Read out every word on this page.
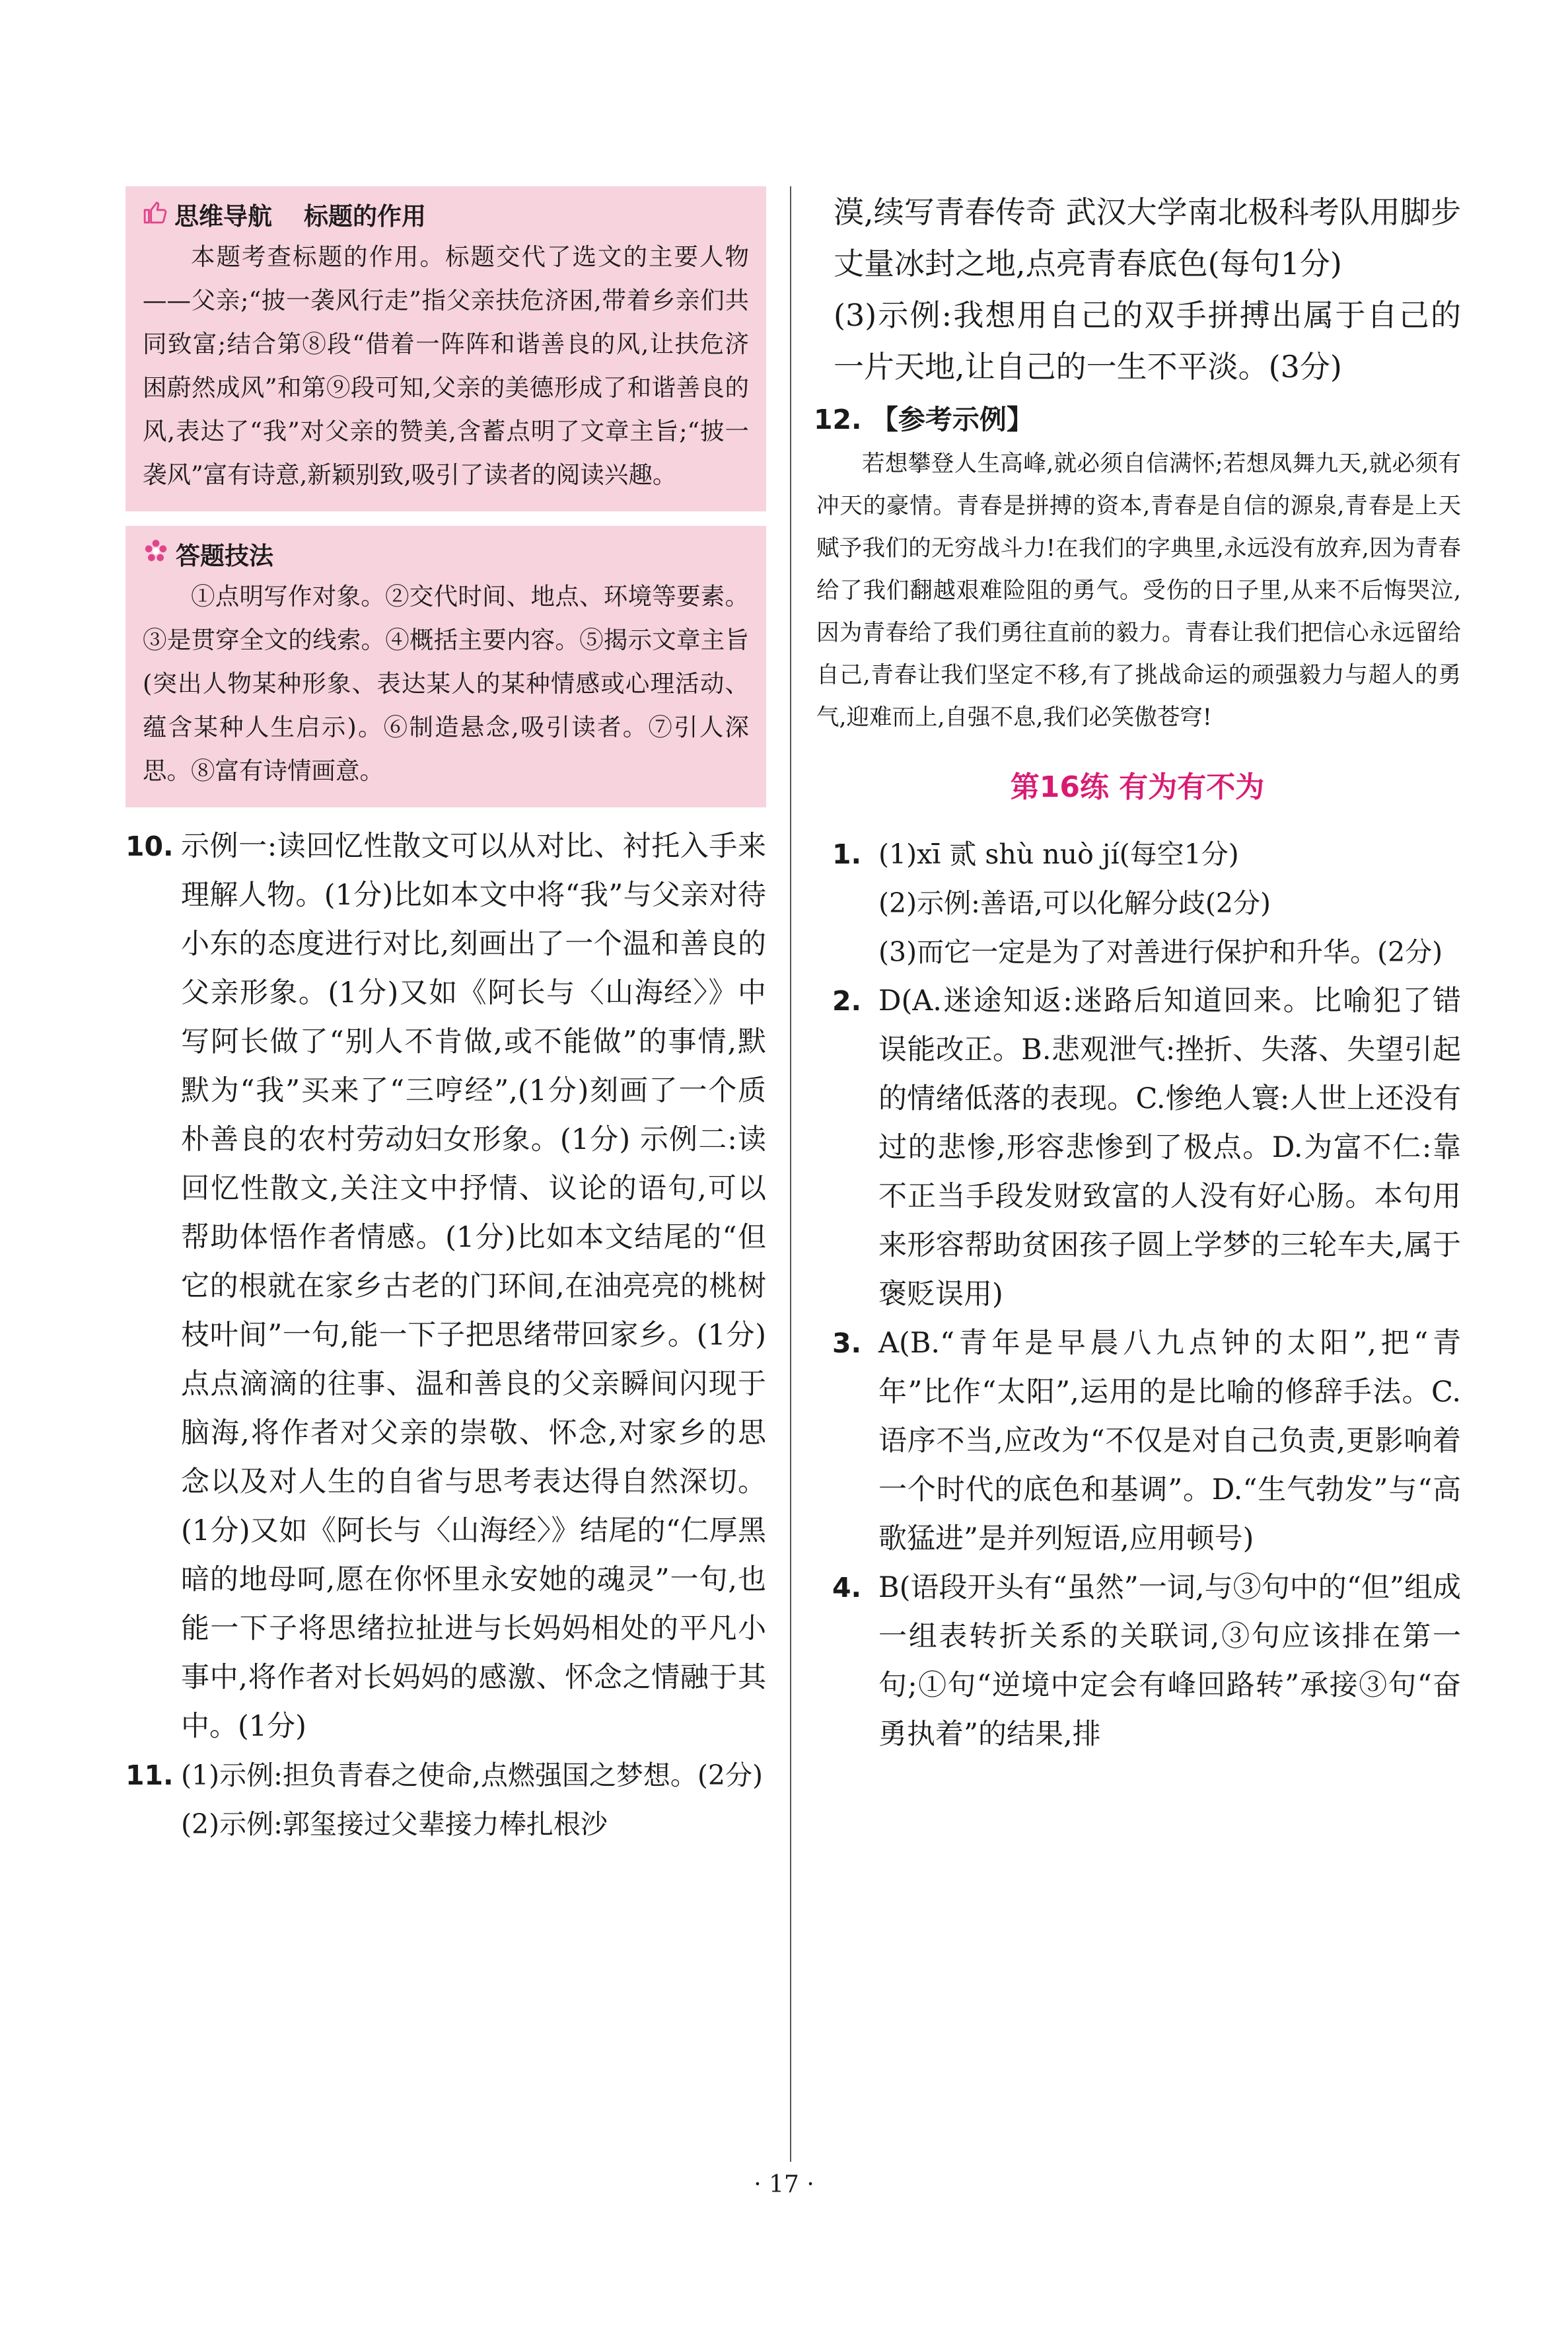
思维导航 标题的作用
本题考查标题的作用。标题交代了选文的主要人物——父亲;“披一袭风行走”指父亲扶危济困,带着乡亲们共同致富;结合第⑧段“借着一阵阵和谐善良的风,让扶危济困蔚然成风”和第⑨段可知,父亲的美德形成了和谐善良的风,表达了“我”对父亲的赞美,含蓄点明了文章主旨;“披一袭风”富有诗意,新颖别致,吸引了读者的阅读兴趣。
答题技法
①点明写作对象。②交代时间、地点、环境等要素。③是贯穿全文的线索。④概括主要内容。⑤揭示文章主旨(突出人物某种形象、表达某人的某种情感或心理活动、蕴含某种人生启示)。⑥制造悬念,吸引读者。⑦引人深思。⑧富有诗情画意。
10. 示例一:读回忆性散文可以从对比、衬托入手来理解人物。(1分)比如本文中将“我”与父亲对待小东的态度进行对比,刻画出了一个温和善良的父亲形象。(1分)又如《阿长与〈山海经〉》中写阿长做了“别人不肯做,或不能做”的事情,默默为“我”买来了“三哼经”,(1分)刻画了一个质朴善良的农村劳动妇女形象。(1分) 示例二:读回忆性散文,关注文中抒情、议论的语句,可以帮助体悟作者情感。(1分)比如本文结尾的“但它的根就在家乡古老的门环间,在油亮亮的桃树枝叶间”一句,能一下子把思绪带回家乡。(1分)点点滴滴的往事、温和善良的父亲瞬间闪现于脑海,将作者对父亲的崇敬、怀念,对家乡的思念以及对人生的自省与思考表达得自然深切。(1分)又如《阿长与〈山海经〉》结尾的“仁厚黑暗的地母呵,愿在你怀里永安她的魂灵”一句,也能一下子将思绪拉扯进与长妈妈相处的平凡小事中,将作者对长妈妈的感激、怀念之情融于其中。(1分)
11. (1)示例:担负青春之使命,点燃强国之梦想。(2分)
(2)示例:郭玺接过父辈接力棒扎根沙
漠,续写青春传奇 武汉大学南北极科考队用脚步丈量冰封之地,点亮青春底色(每句1分)
(3)示例:我想用自己的双手拼搏出属于自己的一片天地,让自己的一生不平淡。(3分)
12. 【参考示例】
若想攀登人生高峰,就必须自信满怀;若想凤舞九天,就必须有冲天的豪情。青春是拼搏的资本,青春是自信的源泉,青春是上天赋予我们的无穷战斗力!在我们的字典里,永远没有放弃,因为青春给了我们翻越艰难险阻的勇气。受伤的日子里,从来不后悔哭泣,因为青春给了我们勇往直前的毅力。青春让我们把信心永远留给自己,青春让我们坚定不移,有了挑战命运的顽强毅力与超人的勇气,迎难而上,自强不息,我们必笑傲苍穹!
第16练 有为有不为
1. (1)xī 贰 shù nuò jí(每空1分)
(2)示例:善语,可以化解分歧(2分)
(3)而它一定是为了对善进行保护和升华。(2分)
2. D(A.迷途知返:迷路后知道回来。比喻犯了错误能改正。B.悲观泄气:挫折、失落、失望引起的情绪低落的表现。C.惨绝人寰:人世上还没有过的悲惨,形容悲惨到了极点。D.为富不仁:靠不正当手段发财致富的人没有好心肠。本句用来形容帮助贫困孩子圆上学梦的三轮车夫,属于褒贬误用)
3. A(B.“青年是早晨八九点钟的太阳”,把“青年”比作“太阳”,运用的是比喻的修辞手法。C.语序不当,应改为“不仅是对自己负责,更影响着一个时代的底色和基调”。D.“生气勃发”与“高歌猛进”是并列短语,应用顿号)
4. B(语段开头有“虽然”一词,与③句中的“但”组成一组表转折关系的关联词,③句应该排在第一句;①句“逆境中定会有峰回路转”承接③句“奋勇执着”的结果,排
· 17 ·
